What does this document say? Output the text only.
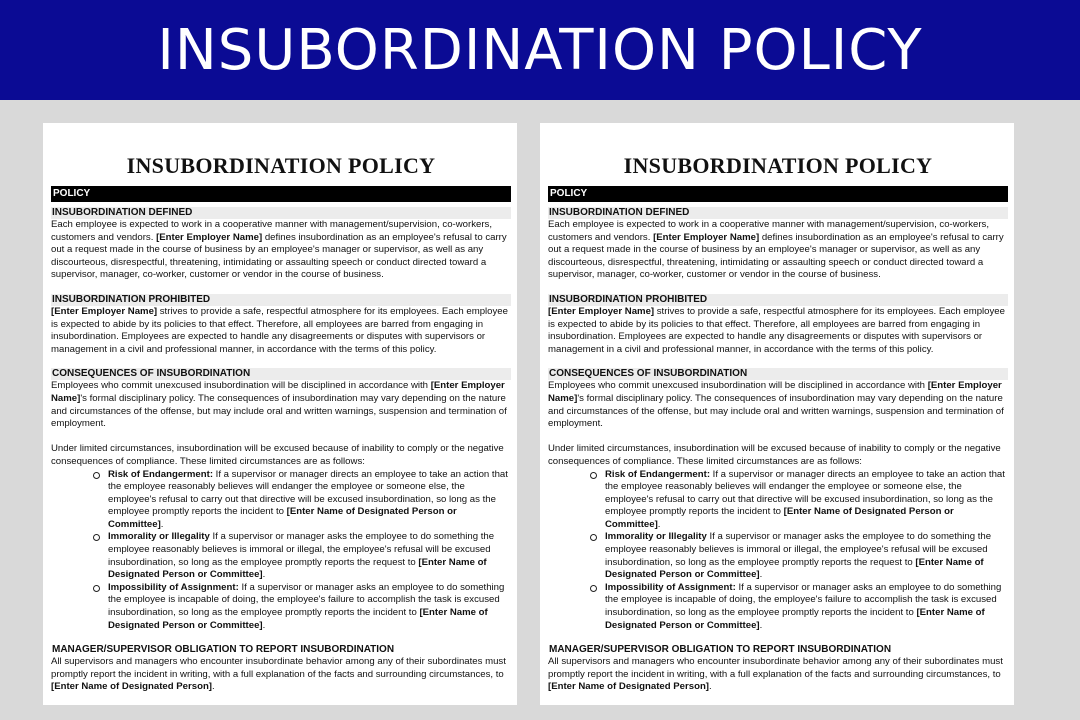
INSUBORDINATION POLICY
INSUBORDINATION POLICY
POLICY
INSUBORDINATION DEFINED

Each employee is expected to work in a cooperative manner with management/supervision, co-workers, customers and vendors. [Enter Employer Name] defines insubordination as an employee's refusal to carry out a request made in the course of business by an employee's manager or supervisor, as well as any discourteous, disrespectful, threatening, intimidating or assaulting speech or conduct directed toward a supervisor, manager, co-worker, customer or vendor in the course of business.

INSUBORDINATION PROHIBITED

[Enter Employer Name] strives to provide a safe, respectful atmosphere for its employees. Each employee is expected to abide by its policies to that effect. Therefore, all employees are barred from engaging in insubordination. Employees are expected to handle any disagreements or disputes with supervisors or management in a civil and professional manner, in accordance with the terms of this policy.

CONSEQUENCES OF INSUBORDINATION

Employees who commit unexcused insubordination will be disciplined in accordance with [Enter Employer Name]'s formal disciplinary policy. The consequences of insubordination may vary depending on the nature and circumstances of the offense, but may include oral and written warnings, suspension and termination of employment.

Under limited circumstances, insubordination will be excused because of inability to comply or the negative consequences of compliance. These limited circumstances are as follows:

Risk of Endangerment: If a supervisor or manager directs an employee to take an action that the employee reasonably believes will endanger the employee or someone else, the employee's refusal to carry out that directive will be excused insubordination, so long as the employee promptly reports the incident to [Enter Name of Designated Person or Committee].
Immorality or Illegality If a supervisor or manager asks the employee to do something the employee reasonably believes is immoral or illegal, the employee's refusal will be excused insubordination, so long as the employee promptly reports the request to [Enter Name of Designated Person or Committee].
Impossibility of Assignment: If a supervisor or manager asks an employee to do something the employee is incapable of doing, the employee's failure to accomplish the task is excused insubordination, so long as the employee promptly reports the incident to [Enter Name of Designated Person or Committee].
MANAGER/SUPERVISOR OBLIGATION TO REPORT INSUBORDINATION

All supervisors and managers who encounter insubordinate behavior among any of their subordinates must promptly report the incident in writing, with a full explanation of the facts and surrounding circumstances, to [Enter Name of Designated Person].

INSUBORDINATION POLICY
POLICY
INSUBORDINATION DEFINED

Each employee is expected to work in a cooperative manner with management/supervision, co-workers, customers and vendors. [Enter Employer Name] defines insubordination as an employee's refusal to carry out a request made in the course of business by an employee's manager or supervisor, as well as any discourteous, disrespectful, threatening, intimidating or assaulting speech or conduct directed toward a supervisor, manager, co-worker, customer or vendor in the course of business.

INSUBORDINATION PROHIBITED

[Enter Employer Name] strives to provide a safe, respectful atmosphere for its employees. Each employee is expected to abide by its policies to that effect. Therefore, all employees are barred from engaging in insubordination. Employees are expected to handle any disagreements or disputes with supervisors or management in a civil and professional manner, in accordance with the terms of this policy.

CONSEQUENCES OF INSUBORDINATION

Employees who commit unexcused insubordination will be disciplined in accordance with [Enter Employer Name]'s formal disciplinary policy. The consequences of insubordination may vary depending on the nature and circumstances of the offense, but may include oral and written warnings, suspension and termination of employment.

Under limited circumstances, insubordination will be excused because of inability to comply or the negative consequences of compliance. These limited circumstances are as follows:

Risk of Endangerment: If a supervisor or manager directs an employee to take an action that the employee reasonably believes will endanger the employee or someone else, the employee's refusal to carry out that directive will be excused insubordination, so long as the employee promptly reports the incident to [Enter Name of Designated Person or Committee].
Immorality or Illegality If a supervisor or manager asks the employee to do something the employee reasonably believes is immoral or illegal, the employee's refusal will be excused insubordination, so long as the employee promptly reports the request to [Enter Name of Designated Person or Committee].
Impossibility of Assignment: If a supervisor or manager asks an employee to do something the employee is incapable of doing, the employee's failure to accomplish the task is excused insubordination, so long as the employee promptly reports the incident to [Enter Name of Designated Person or Committee].
MANAGER/SUPERVISOR OBLIGATION TO REPORT INSUBORDINATION

All supervisors and managers who encounter insubordinate behavior among any of their subordinates must promptly report the incident in writing, with a full explanation of the facts and surrounding circumstances, to [Enter Name of Designated Person].
